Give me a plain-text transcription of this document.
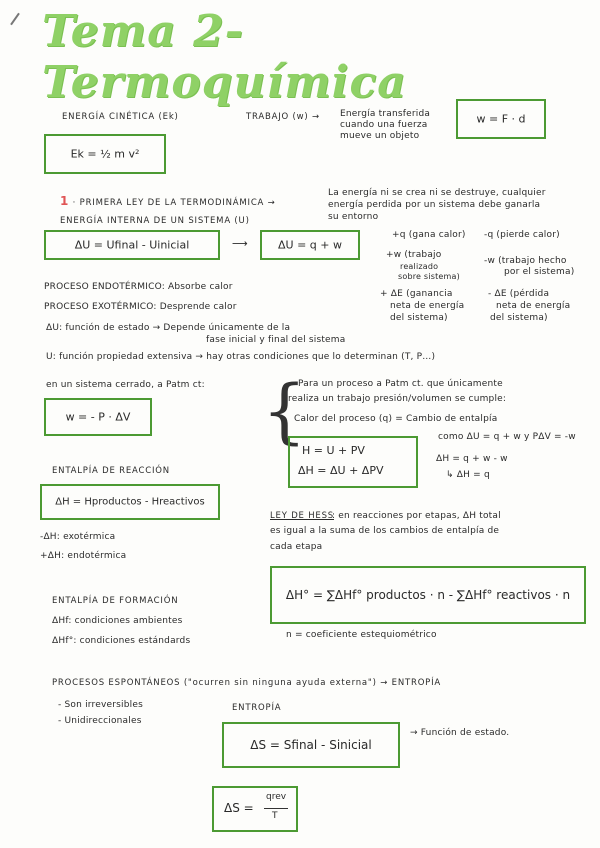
Tema 2- Termoquímica
ENERGÍA CINÉTICA (Ek)
Ek = ½ m v²
TRABAJO (w) → Energía transferida
cuando una fuerza
mueve un objeto
w = F · d
1 · PRIMERA LEY DE LA TERMODINÁMICA →
La energía ni se crea ni se destruye, cualquier
energía perdida por un sistema debe ganarla
su entorno
ENERGÍA INTERNA DE UN SISTEMA (U)
ΔU = Ufinal - Uinicial	⟶	ΔU = q + w
+q (gana calor) -q (pierde calor)
+w (trabajo
realizado
sobre sistema)
-w (trabajo hecho
por el sistema)
+ ΔE (ganancia
neta de energía
del sistema)
- ΔE (pérdida
neta de energía
del sistema)
PROCESO ENDOTÉRMICO: Absorbe calor
PROCESO EXOTÉRMICO: Desprende calor
ΔU: función de estado → Depende únicamente de la
fase inicial y final del sistema
U: función propiedad extensiva → hay otras condiciones que lo determinan (T, P…)
en un sistema cerrado, a Patm ct:
w = - P · ΔV {
Para un proceso a Patm ct. que únicamente
realiza un trabajo presión/volumen se cumple:
Calor del proceso (q) = Cambio de entalpía
H = U + PV
ΔH = ΔU + ΔPV
como ΔU = q + w y PΔV = -w
ΔH = q + w - w
↳ ΔH = q
ENTALPÍA DE REACCIÓN
ΔH = Hproductos - Hreactivos
-ΔH: exotérmica
+ΔH: endotérmica
LEY DE HESS
: en reacciones por etapas, ΔH total
es igual a la suma de los cambios de entalpía de
cada etapa
ENTALPÍA DE FORMACIÓN
ΔHf: condiciones ambientes
ΔHf°: condiciones estándards
ΔH° = ∑ΔHf° productos · n - ∑ΔHf° reactivos · n
n = coeficiente estequiométrico
PROCESOS ESPONTÁNEOS ("ocurren sin ninguna ayuda externa") → ENTROPÍA
- Son irreversibles
- Unidireccionales
ENTROPÍA
ΔS = Sfinal - Sinicial
→ Función de estado.
ΔS =
qrev
T
